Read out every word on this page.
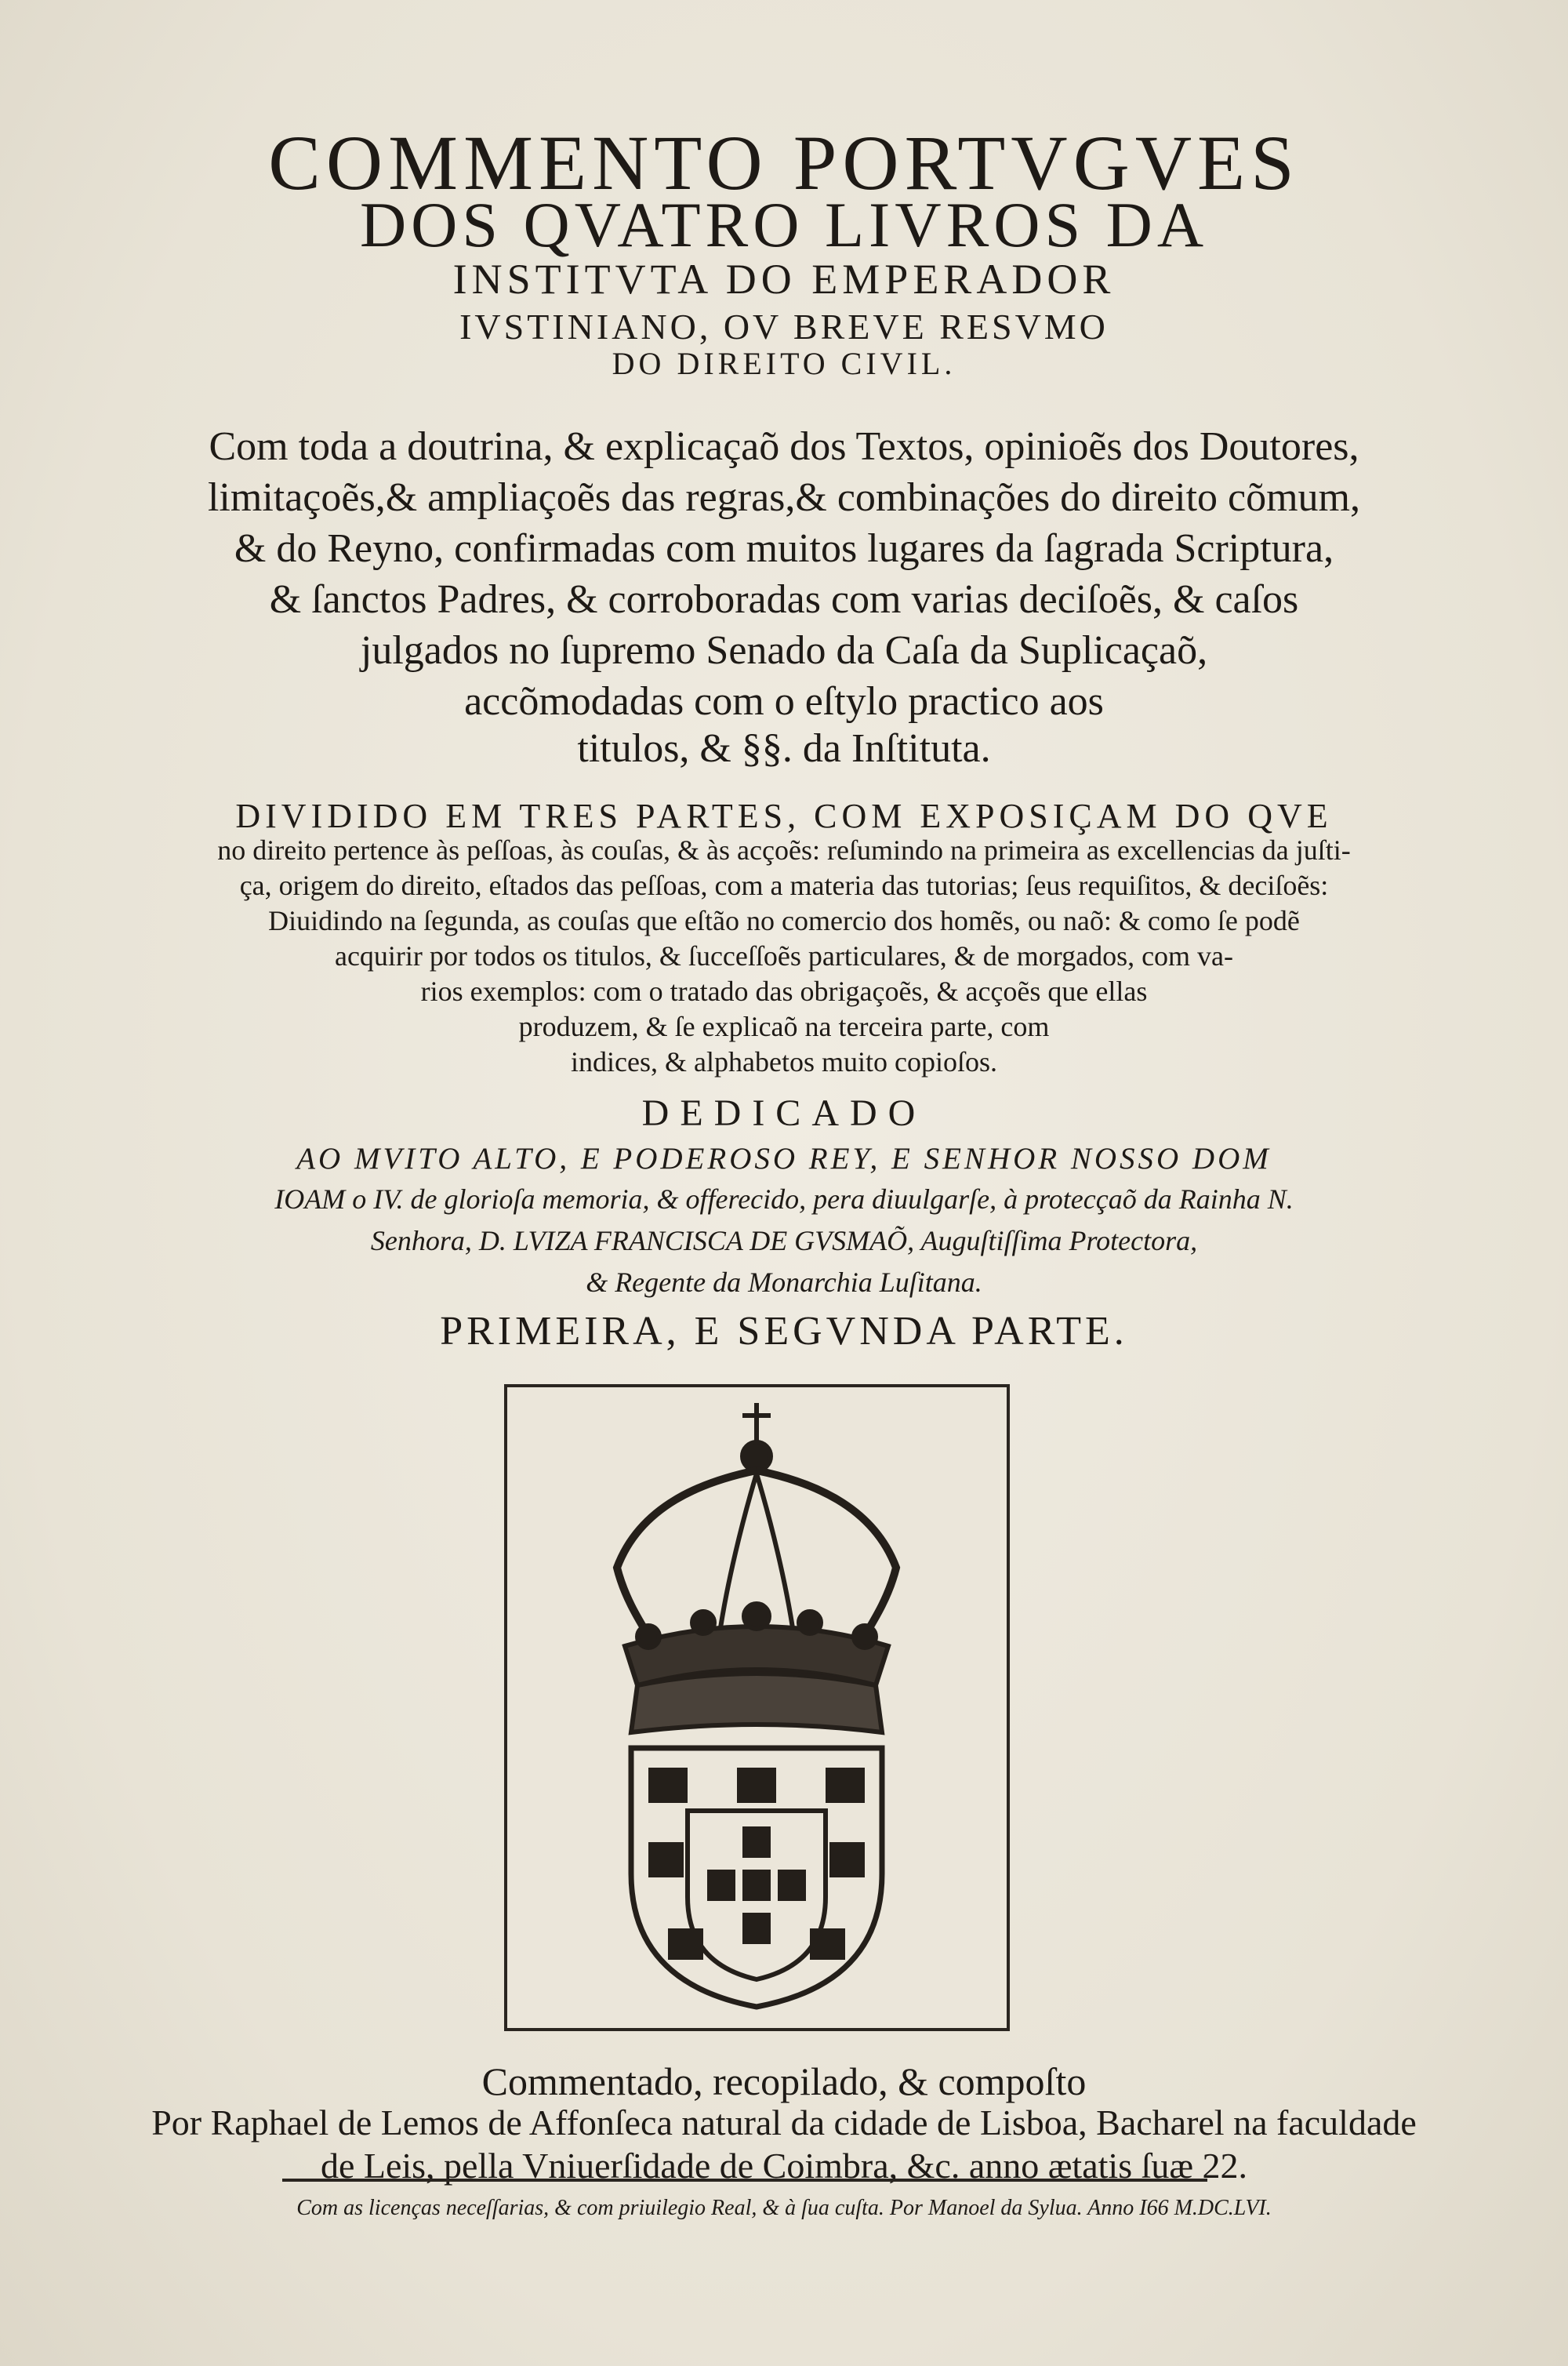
COMMENTO PORTVGVES
DOS QVATRO LIVROS DA
INSTITVTA DO EMPERADOR
IVSTINIANO, OV BREVE RESVMO
DO DIREITO CIVIL.
Com toda a doutrina, & explicaçaõ dos Textos, opinioẽs dos Doutores,
limitaçoẽs,& ampliaçoẽs das regras,& combinações do direito cõmum,
& do Reyno, confirmadas com muitos lugares da ſagrada Scriptura,
& ſanctos Padres, & corroboradas com varias deciſoẽs, & caſos
julgados no ſupremo Senado da Caſa da Suplicaçaõ,
accõmodadas com o eſtylo practico aos
titulos, & §§. da Inſtituta.
DIVIDIDO EM TRES PARTES, COM EXPOSIÇAM DO QVE
no direito pertence às peſſoas, às couſas, & às acçoẽs: reſumindo na primeira as excellencias da juſti-
ça, origem do direito, eſtados das peſſoas, com a materia das tutorias; ſeus requiſitos, & deciſoẽs:
Diuidindo na ſegunda, as couſas que eſtão no comercio dos homẽs, ou naõ: & como ſe podẽ
acquirir por todos os titulos, & ſucceſſoẽs particulares, & de morgados, com va-
rios exemplos: com o tratado das obrigaçoẽs, & acçoẽs que ellas
produzem, & ſe explicaõ na terceira parte, com
indices, & alphabetos muito copioſos.
DEDICADO
AO MVITO ALTO, E PODEROSO REY, E SENHOR NOSSO DOM
IOAM o IV. de glorioſa memoria, & offerecido, pera diuulgarſe, à protecçaõ da Rainha N.
Senhora, D. LVIZA FRANCISCA DE GVSMAÕ, Auguſtiſſima Protectora,
& Regente da Monarchia Luſitana.
PRIMEIRA, E SEGVNDA PARTE.
Commentado, recopilado, & compoſto
Por Raphael de Lemos de Affonſeca natural da cidade de Lisboa, Bacharel na faculdade
de Leis, pella Vniuerſidade de Coimbra, &c. anno ætatis ſuæ 22.
Com as licenças neceſſarias, & com priuilegio Real, & à ſua cuſta. Por Manoel da Sylua. Anno I66 M.DC.LVI.
